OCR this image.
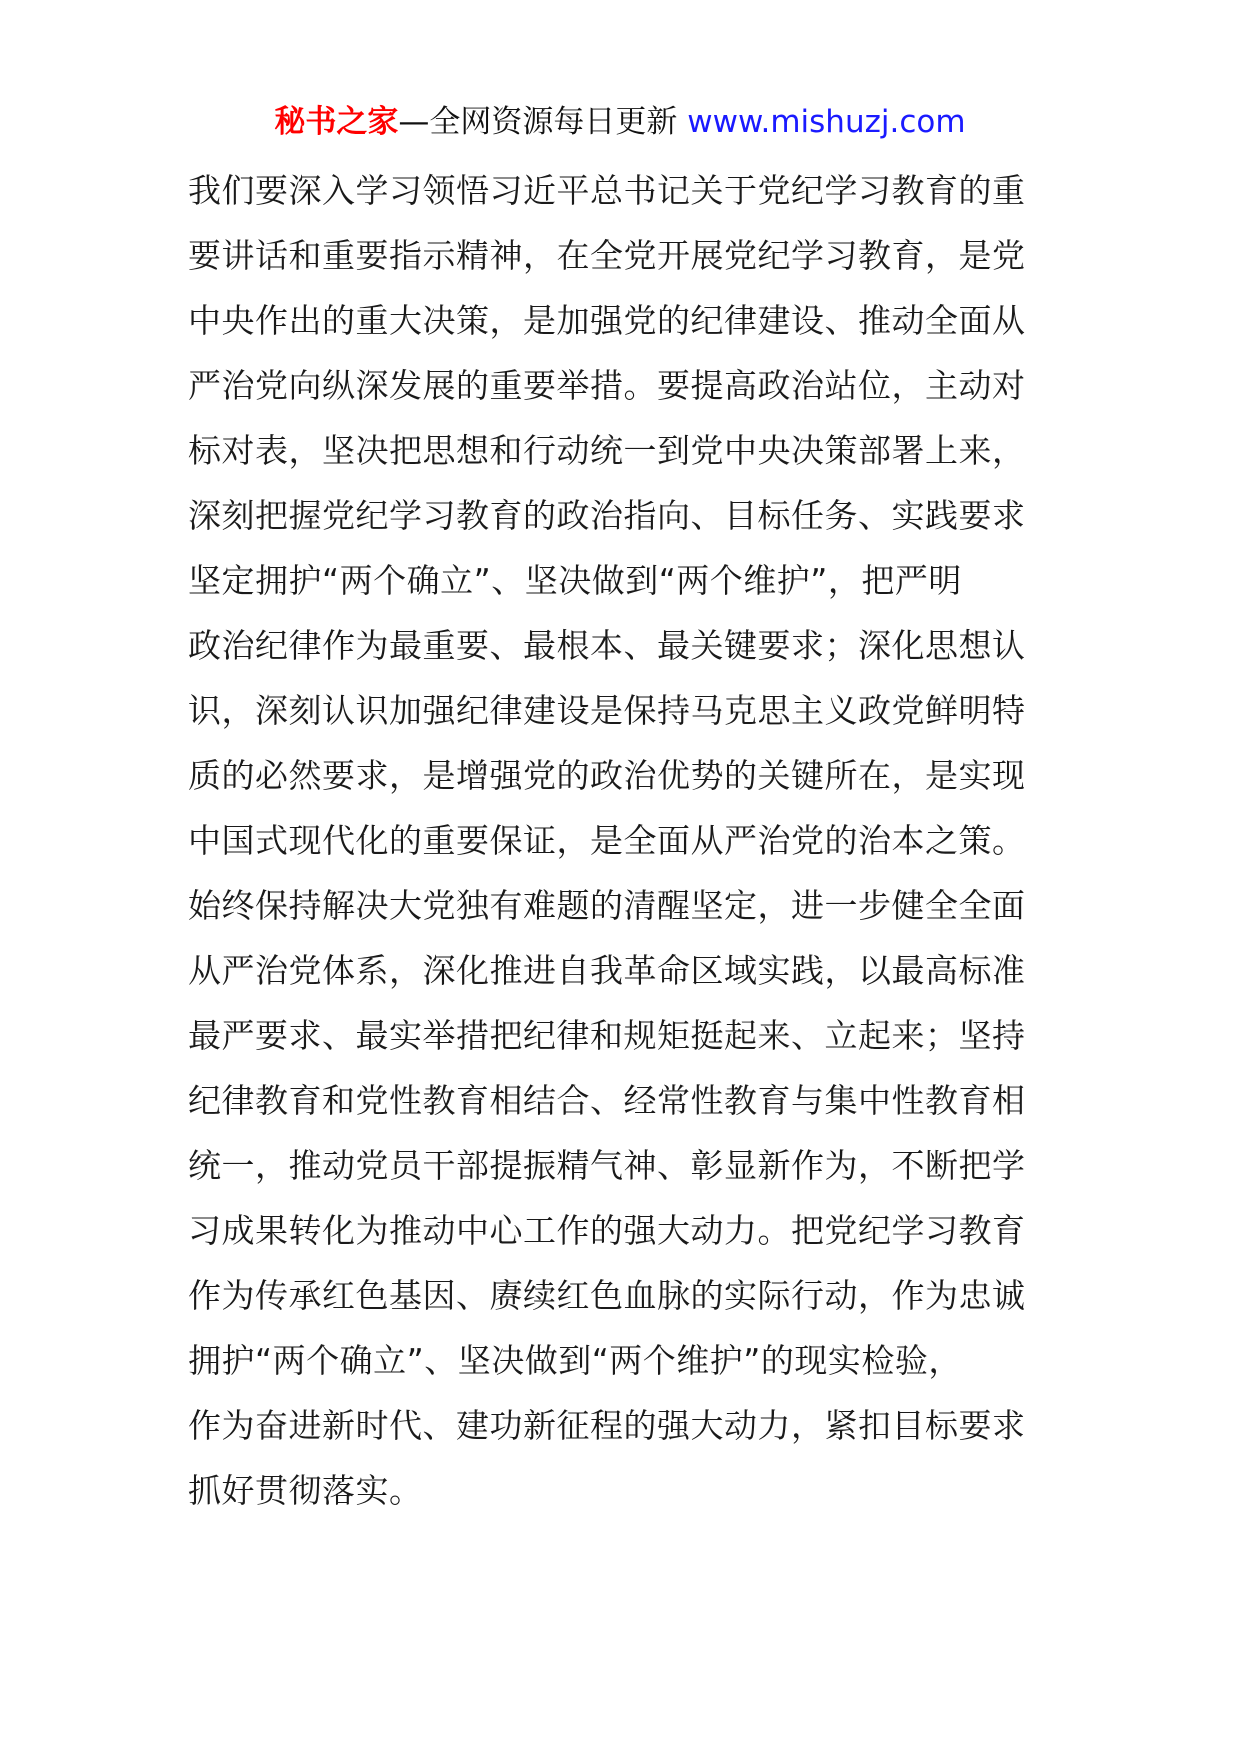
秘书之家—全网资源每日更新 www.mishuzj.com
我们要深入学习领悟习近平总书记关于党纪学习教育的重
要讲话和重要指示精神，在全党开展党纪学习教育，是党
中央作出的重大决策，是加强党的纪律建设、推动全面从
严治党向纵深发展的重要举措。要提高政治站位，主动对
标对表，坚决把思想和行动统一到党中央决策部署上来，
深刻把握党纪学习教育的政治指向、目标任务、实践要求
坚定拥护“两个确立”、坚决做到“两个维护”，把严明
政治纪律作为最重要、最根本、最关键要求；深化思想认
识，深刻认识加强纪律建设是保持马克思主义政党鲜明特
质的必然要求，是增强党的政治优势的关键所在，是实现
中国式现代化的重要保证，是全面从严治党的治本之策。
始终保持解决大党独有难题的清醒坚定，进一步健全全面
从严治党体系，深化推进自我革命区域实践，以最高标准
最严要求、最实举措把纪律和规矩挺起来、立起来；坚持
纪律教育和党性教育相结合、经常性教育与集中性教育相
统一，推动党员干部提振精气神、彰显新作为，不断把学
习成果转化为推动中心工作的强大动力。把党纪学习教育
作为传承红色基因、赓续红色血脉的实际行动，作为忠诚
拥护“两个确立”、坚决做到“两个维护”的现实检验，
作为奋进新时代、建功新征程的强大动力，紧扣目标要求
抓好贯彻落实。
